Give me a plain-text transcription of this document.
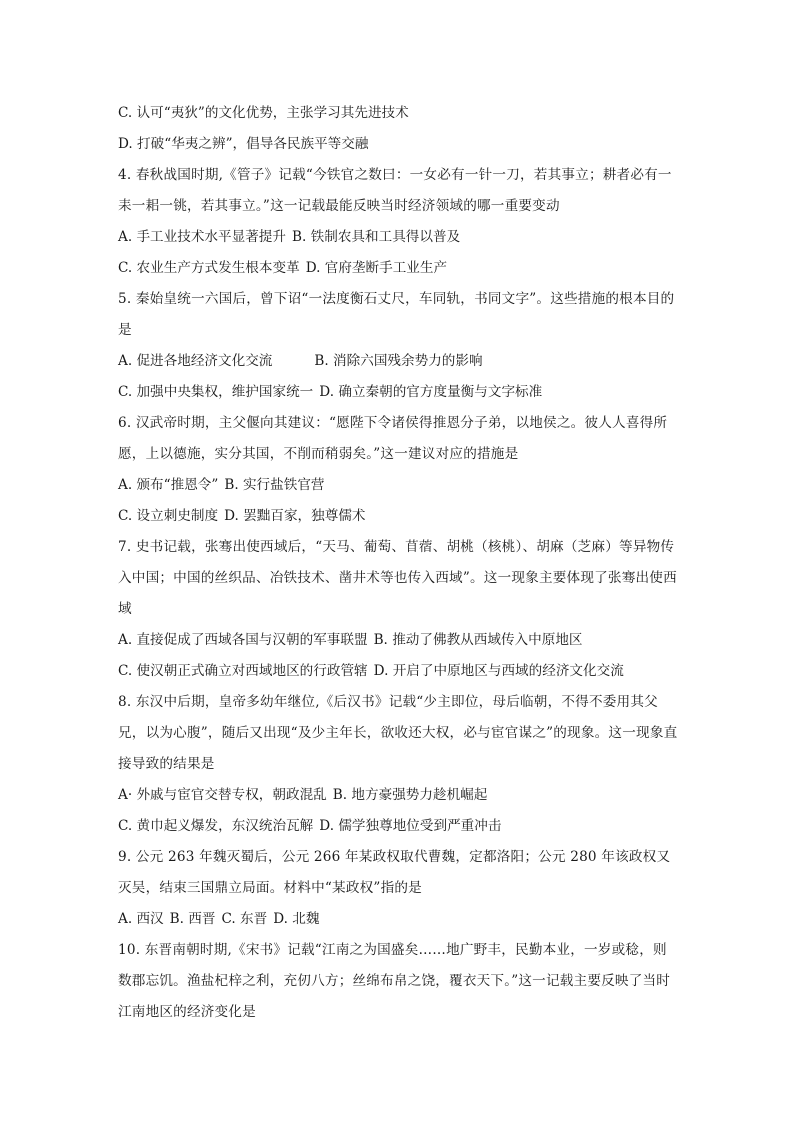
C. 认可“夷狄”的文化优势，主张学习其先进技术
D. 打破“华夷之辨”，倡导各民族平等交融
4. 春秋战国时期,《管子》记载“今铁官之数曰：一女必有一针一刀，若其事立；耕者必有一耒一耜一铫，若其事立。”这一记载最能反映当时经济领域的哪一重要变动
A. 手工业技术水平显著提升 B. 铁制农具和工具得以普及
C. 农业生产方式发生根本变革 D. 官府垄断手工业生产
5. 秦始皇统一六国后，曾下诏“一法度衡石丈尺，车同轨，书同文字”。这些措施的根本目的是
A. 促进各地经济文化交流	B. 消除六国残余势力的影响
C. 加强中央集权，维护国家统一 D. 确立秦朝的官方度量衡与文字标准
6. 汉武帝时期，主父偃向其建议：“愿陛下令诸侯得推恩分子弟，以地侯之。彼人人喜得所愿，上以德施，实分其国，不削而稍弱矣。”这一建议对应的措施是
A. 颁布“推恩令” B. 实行盐铁官营
C. 设立刺史制度 D. 罢黜百家，独尊儒术
7. 史书记载，张骞出使西域后，“天马、葡萄、苜蓿、胡桃（核桃）、胡麻（芝麻）等异物传入中国；中国的丝织品、冶铁技术、凿井术等也传入西域”。这一现象主要体现了张骞出使西域
A. 直接促成了西域各国与汉朝的军事联盟 B. 推动了佛教从西域传入中原地区
C. 使汉朝正式确立对西域地区的行政管辖 D. 开启了中原地区与西域的经济文化交流
8. 东汉中后期，皇帝多幼年继位,《后汉书》记载“少主即位，母后临朝，不得不委用其父兄，以为心腹”，随后又出现“及少主年长，欲收还大权，必与宦官谋之”的现象。这一现象直接导致的结果是
A· 外戚与宦官交替专权，朝政混乱 B. 地方豪强势力趁机崛起
C. 黄巾起义爆发，东汉统治瓦解 D. 儒学独尊地位受到严重冲击
9. 公元 263 年魏灭蜀后，公元 266 年某政权取代曹魏，定都洛阳；公元 280 年该政权又灭吴，结束三国鼎立局面。材料中“某政权”指的是
A. 西汉 B. 西晋 C. 东晋 D. 北魏
10. 东晋南朝时期,《宋书》记载“江南之为国盛矣……地广野丰，民勤本业，一岁或稔，则数郡忘饥。渔盐杞梓之利，充仞八方；丝绵布帛之饶，覆衣天下。”这一记载主要反映了当时江南地区的经济变化是
